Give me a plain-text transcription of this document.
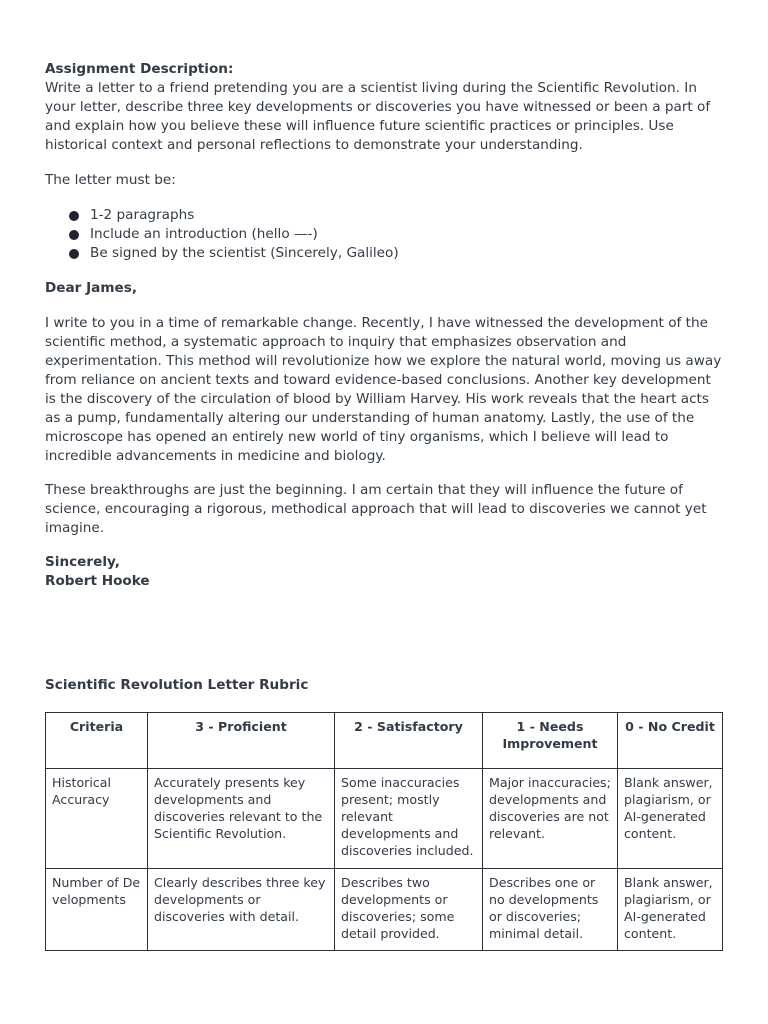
Assignment Description:

Write a letter to a friend pretending you are a scientist living during the Scientific Revolution. In your letter, describe three key developments or discoveries you have witnessed or been a part of and explain how you believe these will influence future scientific practices or principles. Use historical context and personal reflections to demonstrate your understanding.

The letter must be:

1-2 paragraphs
Include an introduction (hello —-)
Be signed by the scientist (Sincerely, Galileo)

Dear James,

I write to you in a time of remarkable change. Recently, I have witnessed the development of the scientific method, a systematic approach to inquiry that emphasizes observation and experimentation. This method will revolutionize how we explore the natural world, moving us away from reliance on ancient texts and toward evidence-based conclusions. Another key development is the discovery of the circulation of blood by William Harvey. His work reveals that the heart acts as a pump, fundamentally altering our understanding of human anatomy. Lastly, the use of the microscope has opened an entirely new world of tiny organisms, which I believe will lead to incredible advancements in medicine and biology.

These breakthroughs are just the beginning. I am certain that they will influence the future of science, encouraging a rigorous, methodical approach that will lead to discoveries we cannot yet imagine.

Sincerely,
Robert Hooke
Scientific Revolution Letter Rubric
Criteria	3 - Proficient	2 - Satisfactory	1 - Needs Improvement	0 - No Credit
Historical Accuracy	Accurately presents key developments and discoveries relevant to the Scientific Revolution.	Some inaccuracies present; mostly relevant developments and discoveries included.	Major inaccuracies; developments and discoveries are not relevant.	Blank answer, plagiarism, or AI-generated content.
Number of Developments	Clearly describes three key developments or discoveries with detail.	Describes two developments or discoveries; some detail provided.	Describes one or no developments or discoveries; minimal detail.	Blank answer, plagiarism, or AI-generated content.
